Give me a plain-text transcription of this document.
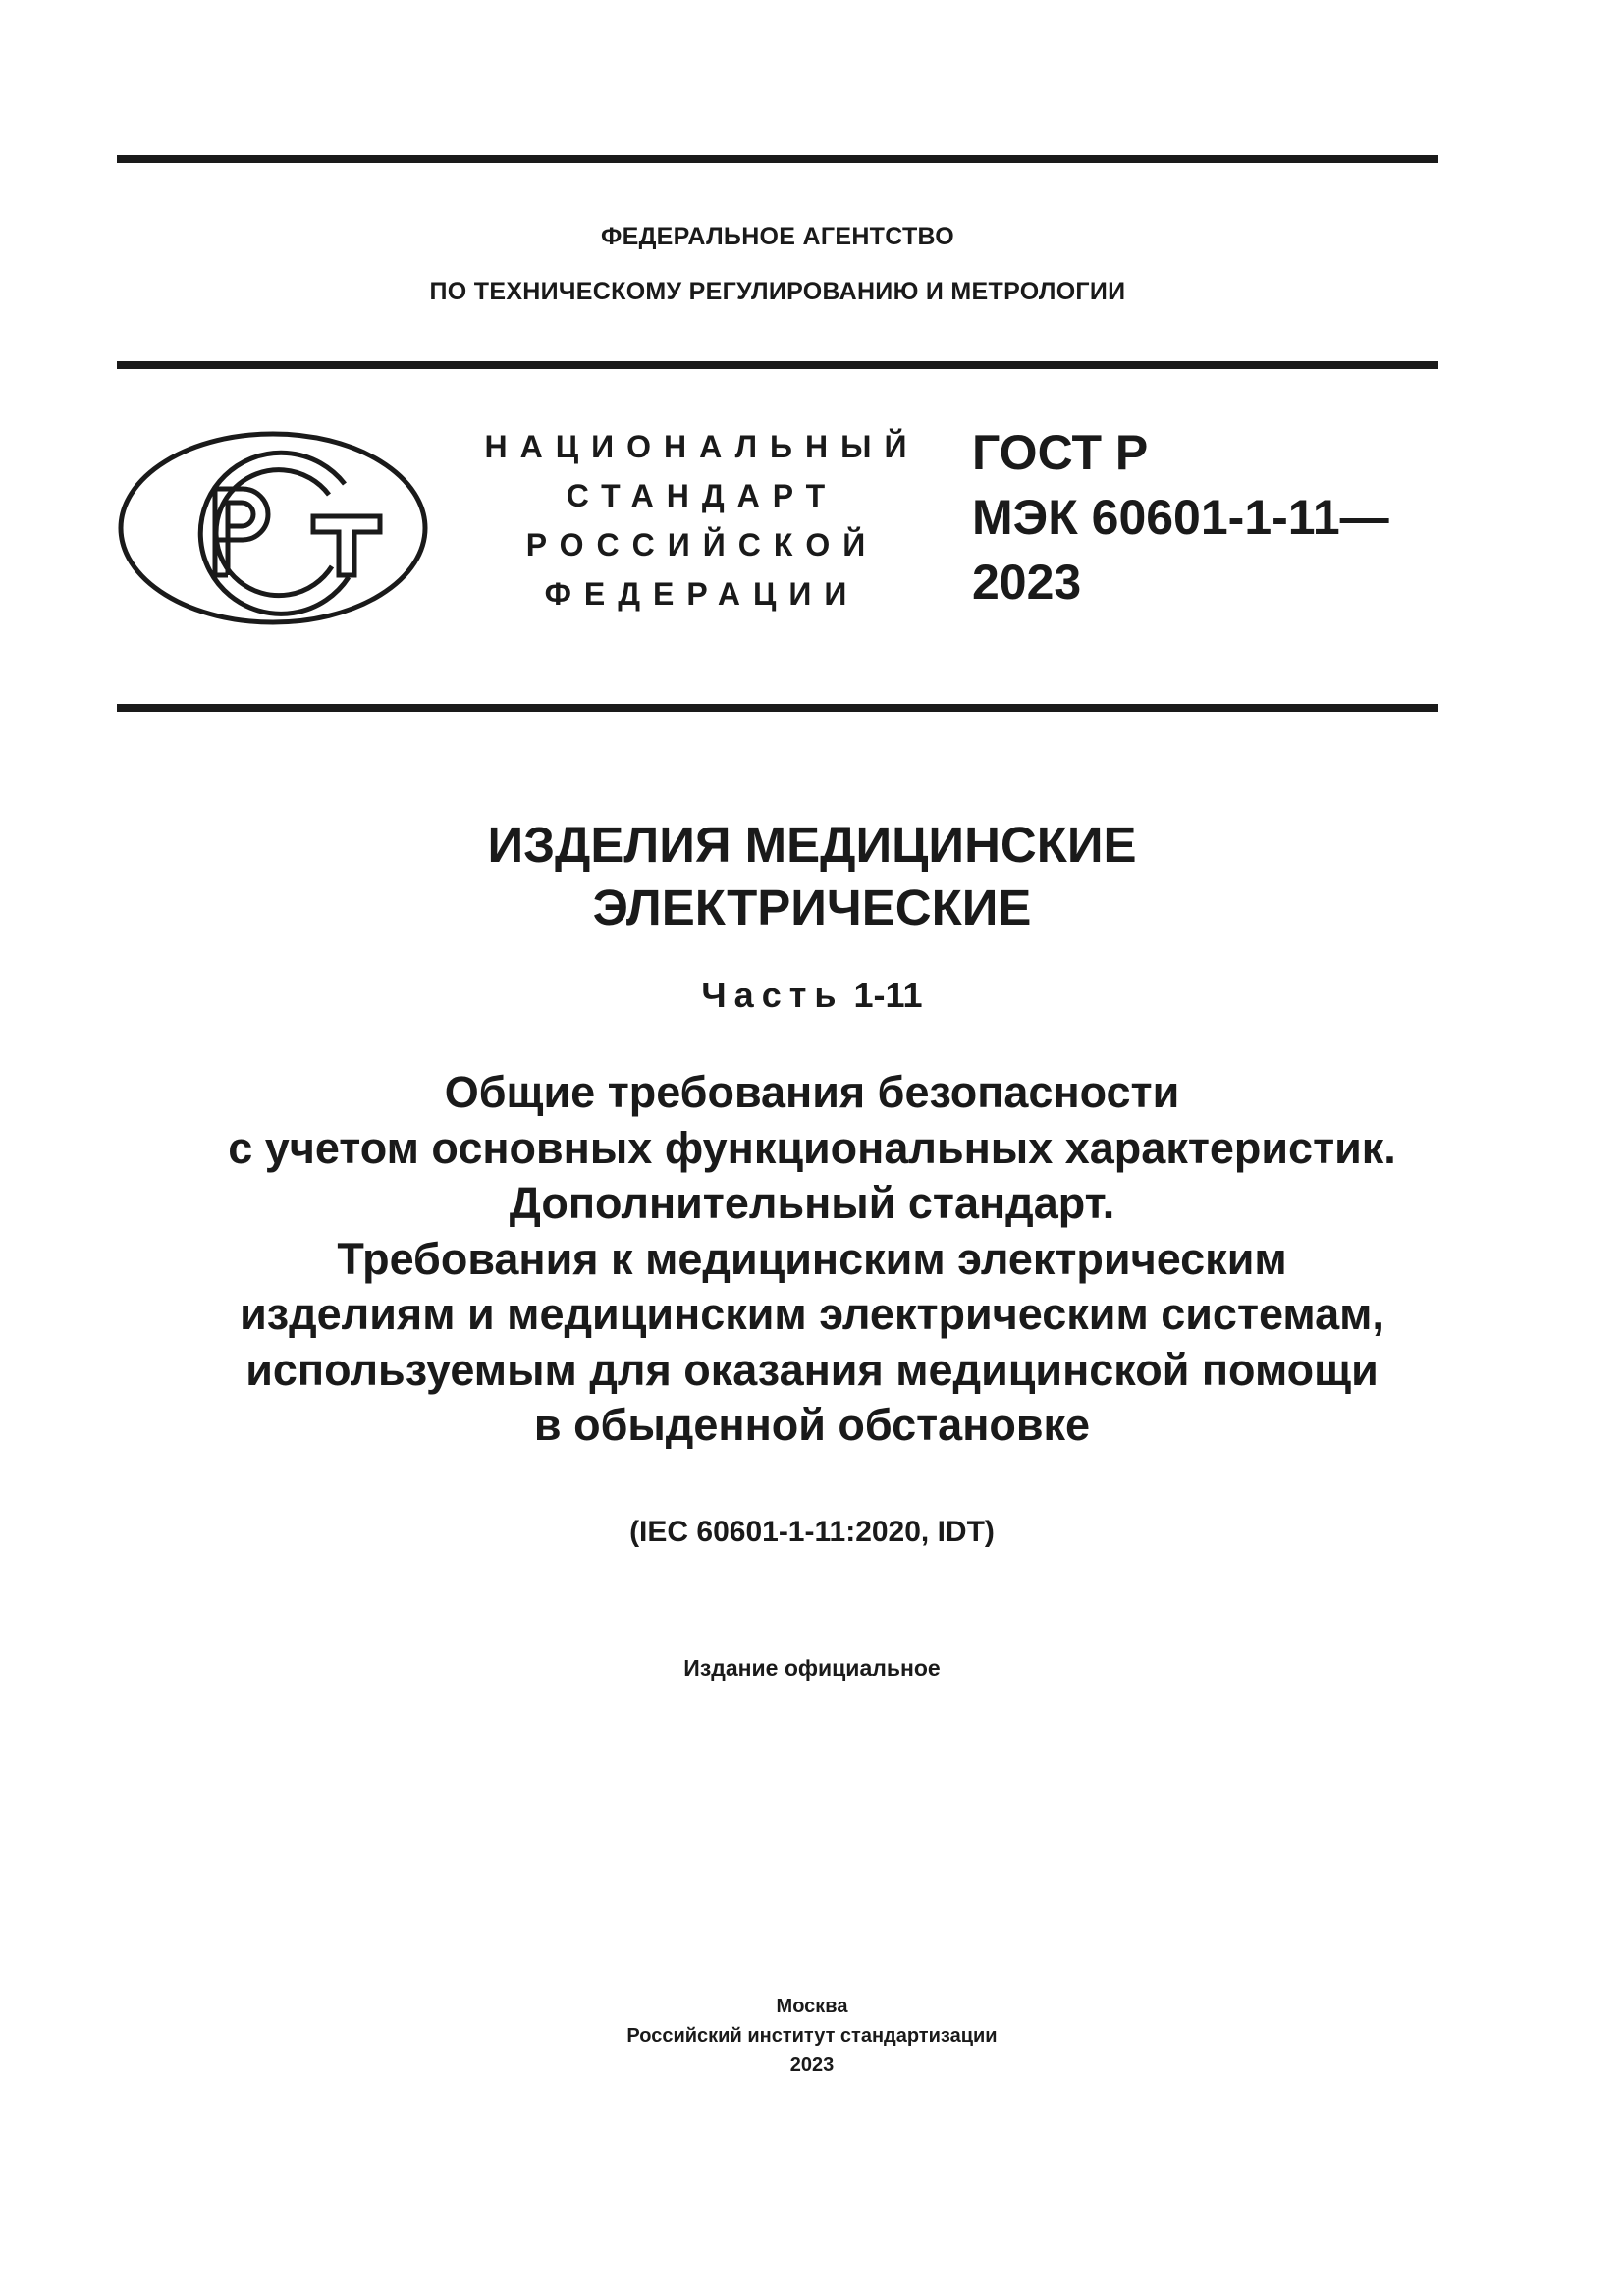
ФЕДЕРАЛЬНОЕ АГЕНТСТВО
ПО ТЕХНИЧЕСКОМУ РЕГУЛИРОВАНИЮ И МЕТРОЛОГИИ
НАЦИОНАЛЬНЫЙ
СТАНДАРТ
РОССИЙСКОЙ
ФЕДЕРАЦИИ
ГОСТ Р
МЭК 60601-1-11—
2023
ИЗДЕЛИЯ МЕДИЦИНСКИЕ
ЭЛЕКТРИЧЕСКИЕ
Часть 1-11
Общие требования безопасности
с учетом основных функциональных характеристик.
Дополнительный стандарт.
Требования к медицинским электрическим
изделиям и медицинским электрическим системам,
используемым для оказания медицинской помощи
в обыденной обстановке
(IEC 60601-1-11:2020, IDT)
Издание официальное
Москва
Российский институт стандартизации
2023
